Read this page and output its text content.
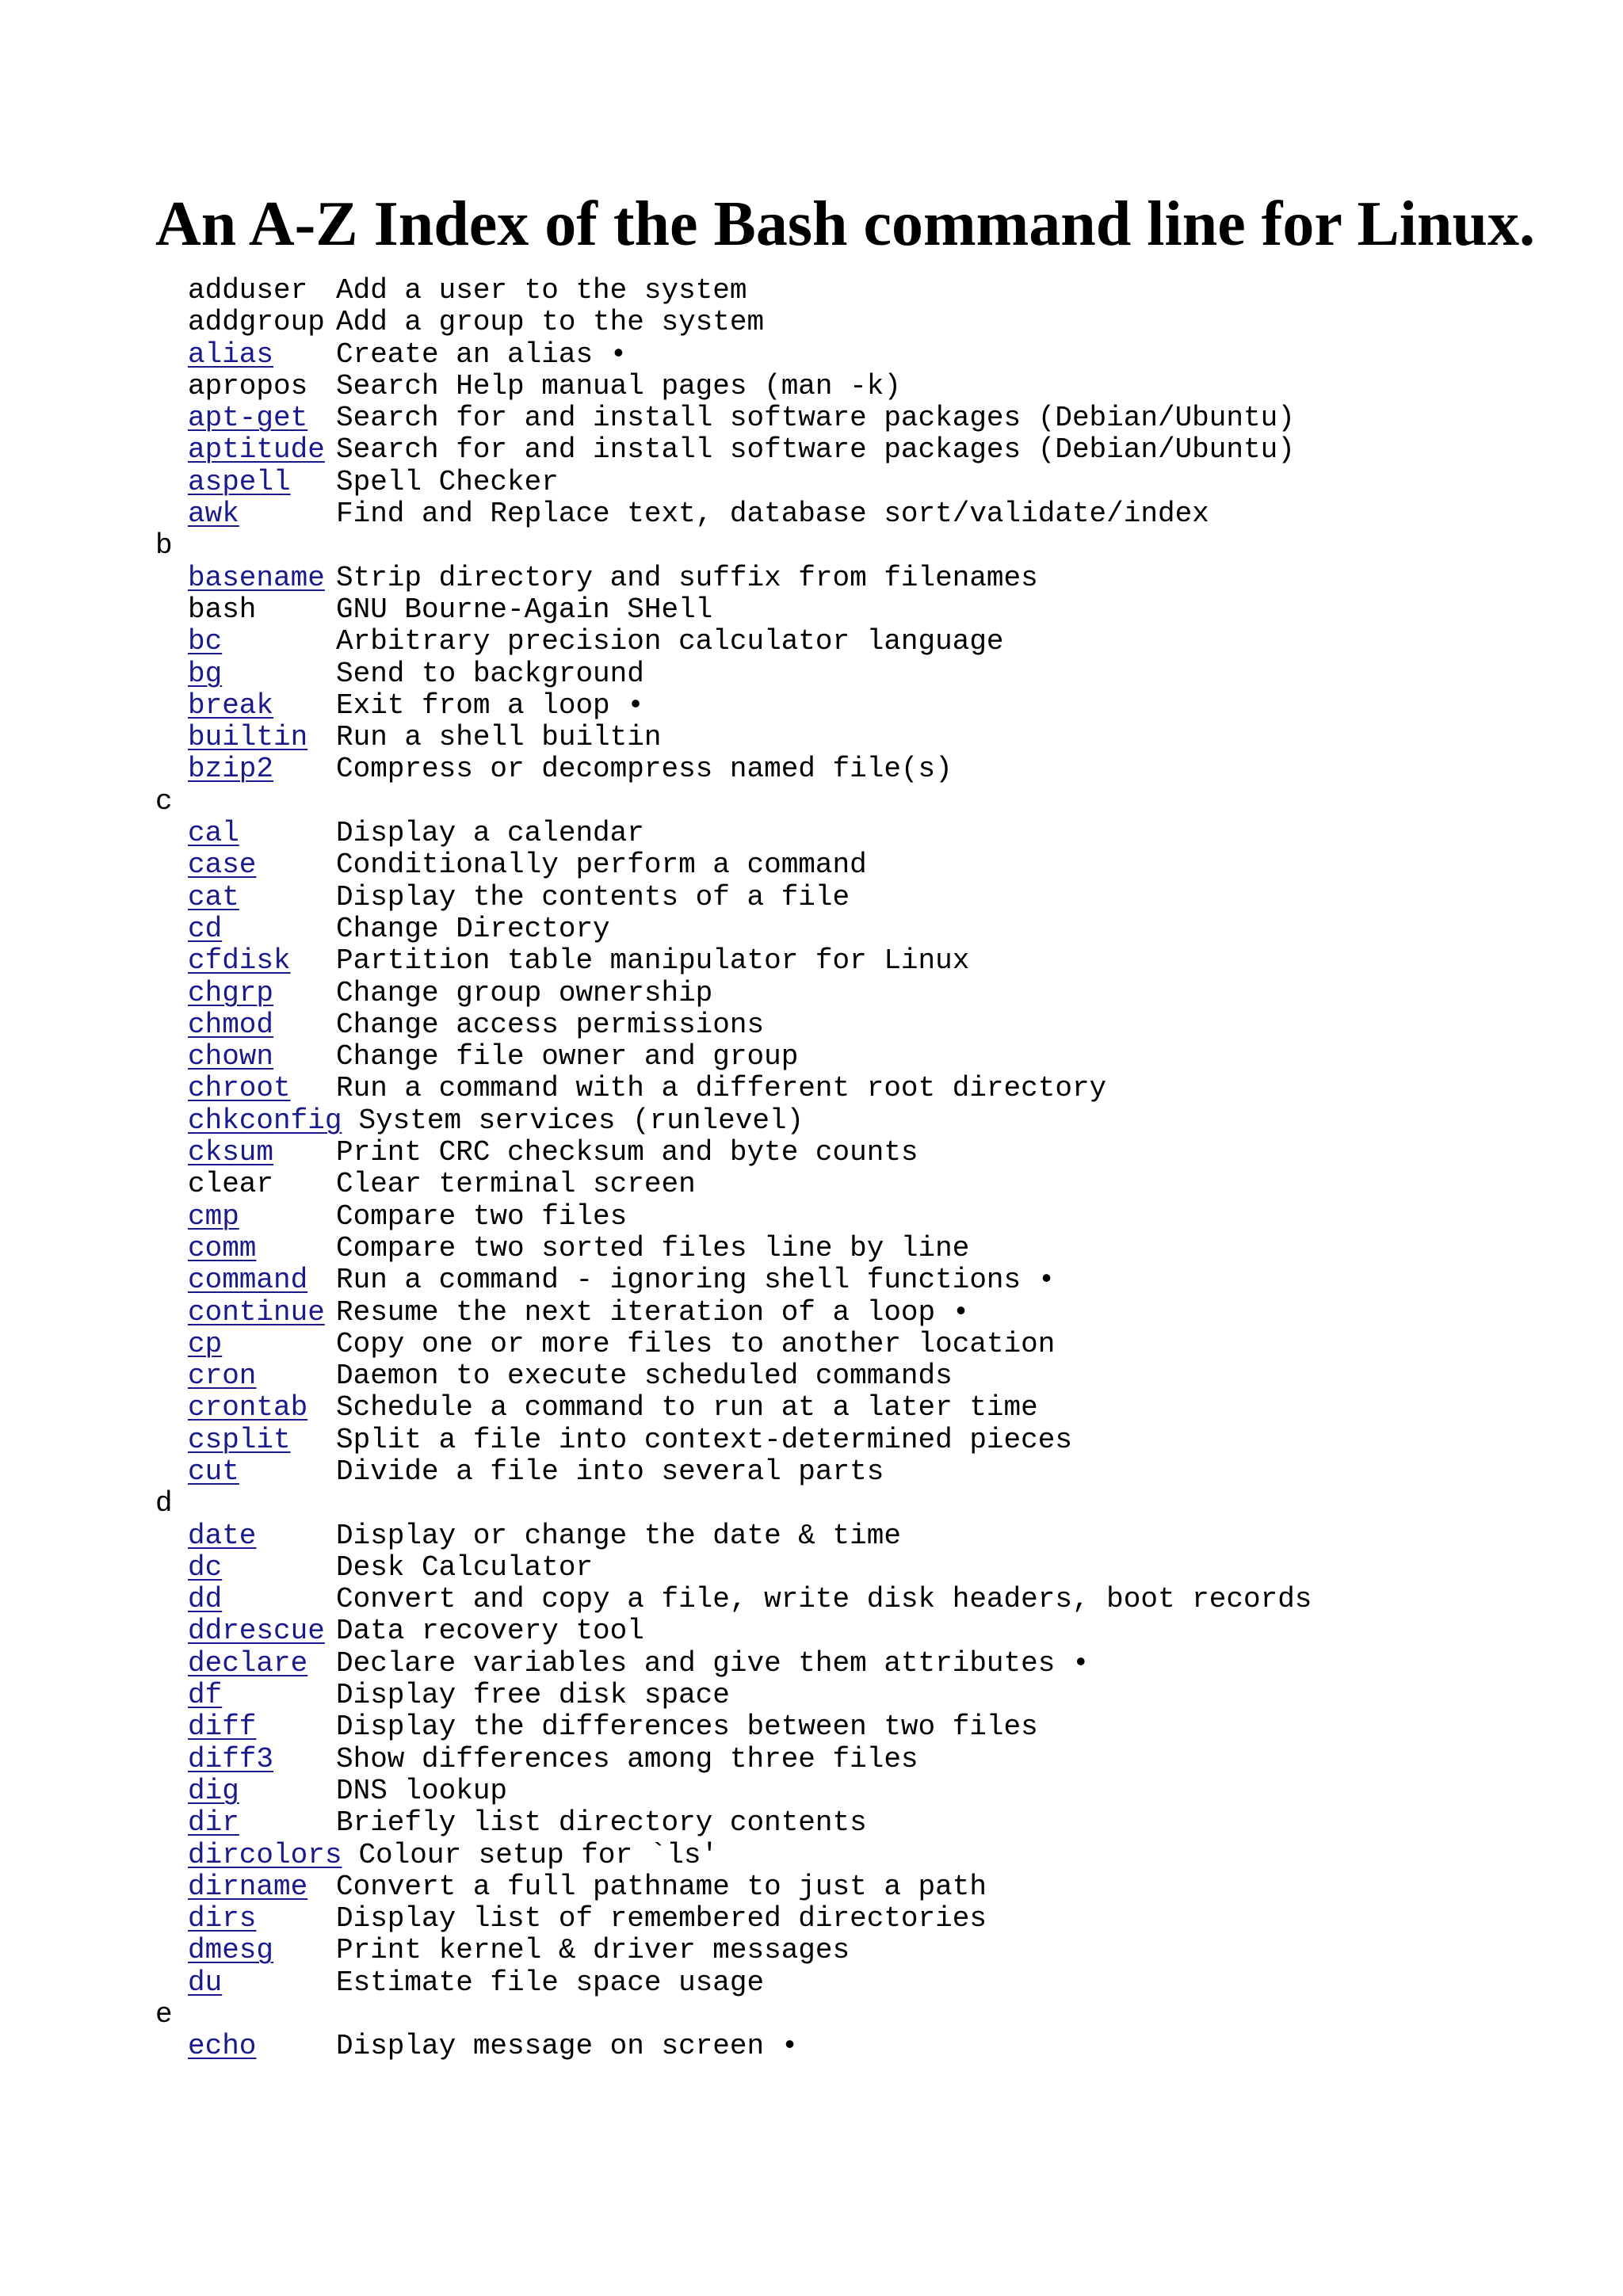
An A-Z Index of the Bash command line for Linux.
adduser Add a user to the system
addgroup Add a group to the system
alias	Create an alias •
apropos Search Help manual pages (man -k)
apt-get Search for and install software packages (Debian/Ubuntu)
aptitude Search for and install software packages (Debian/Ubuntu)
aspell	Spell Checker
awk	Find and Replace text, database sort/validate/index
b
basename Strip directory and suffix from filenames
bash	GNU Bourne-Again SHell
bc	Arbitrary precision calculator language
bg	Send to background
break	Exit from a loop •
builtin Run a shell builtin
bzip2	Compress or decompress named file(s)
c
cal	Display a calendar
case	Conditionally perform a command
cat	Display the contents of a file
cd	Change Directory
cfdisk	Partition table manipulator for Linux
chgrp	Change group ownership
chmod	Change access permissions
chown	Change file owner and group
chroot	Run a command with a different root directory
chkconfig System services (runlevel)
cksum	Print CRC checksum and byte counts
clear	Clear terminal screen
cmp	Compare two files
comm	Compare two sorted files line by line
command Run a command - ignoring shell functions •
continue Resume the next iteration of a loop •
cp	Copy one or more files to another location
cron	Daemon to execute scheduled commands
crontab Schedule a command to run at a later time
csplit	Split a file into context-determined pieces
cut	Divide a file into several parts
d
date	Display or change the date & time
dc	Desk Calculator
dd	Convert and copy a file, write disk headers, boot records
ddrescue Data recovery tool
declare Declare variables and give them attributes •
df	Display free disk space
diff	Display the differences between two files
diff3	Show differences among three files
dig	DNS lookup
dir	Briefly list directory contents
dircolors Colour setup for `ls'
dirname Convert a full pathname to just a path
dirs	Display list of remembered directories
dmesg	Print kernel & driver messages
du	Estimate file space usage
e
echo	Display message on screen •
